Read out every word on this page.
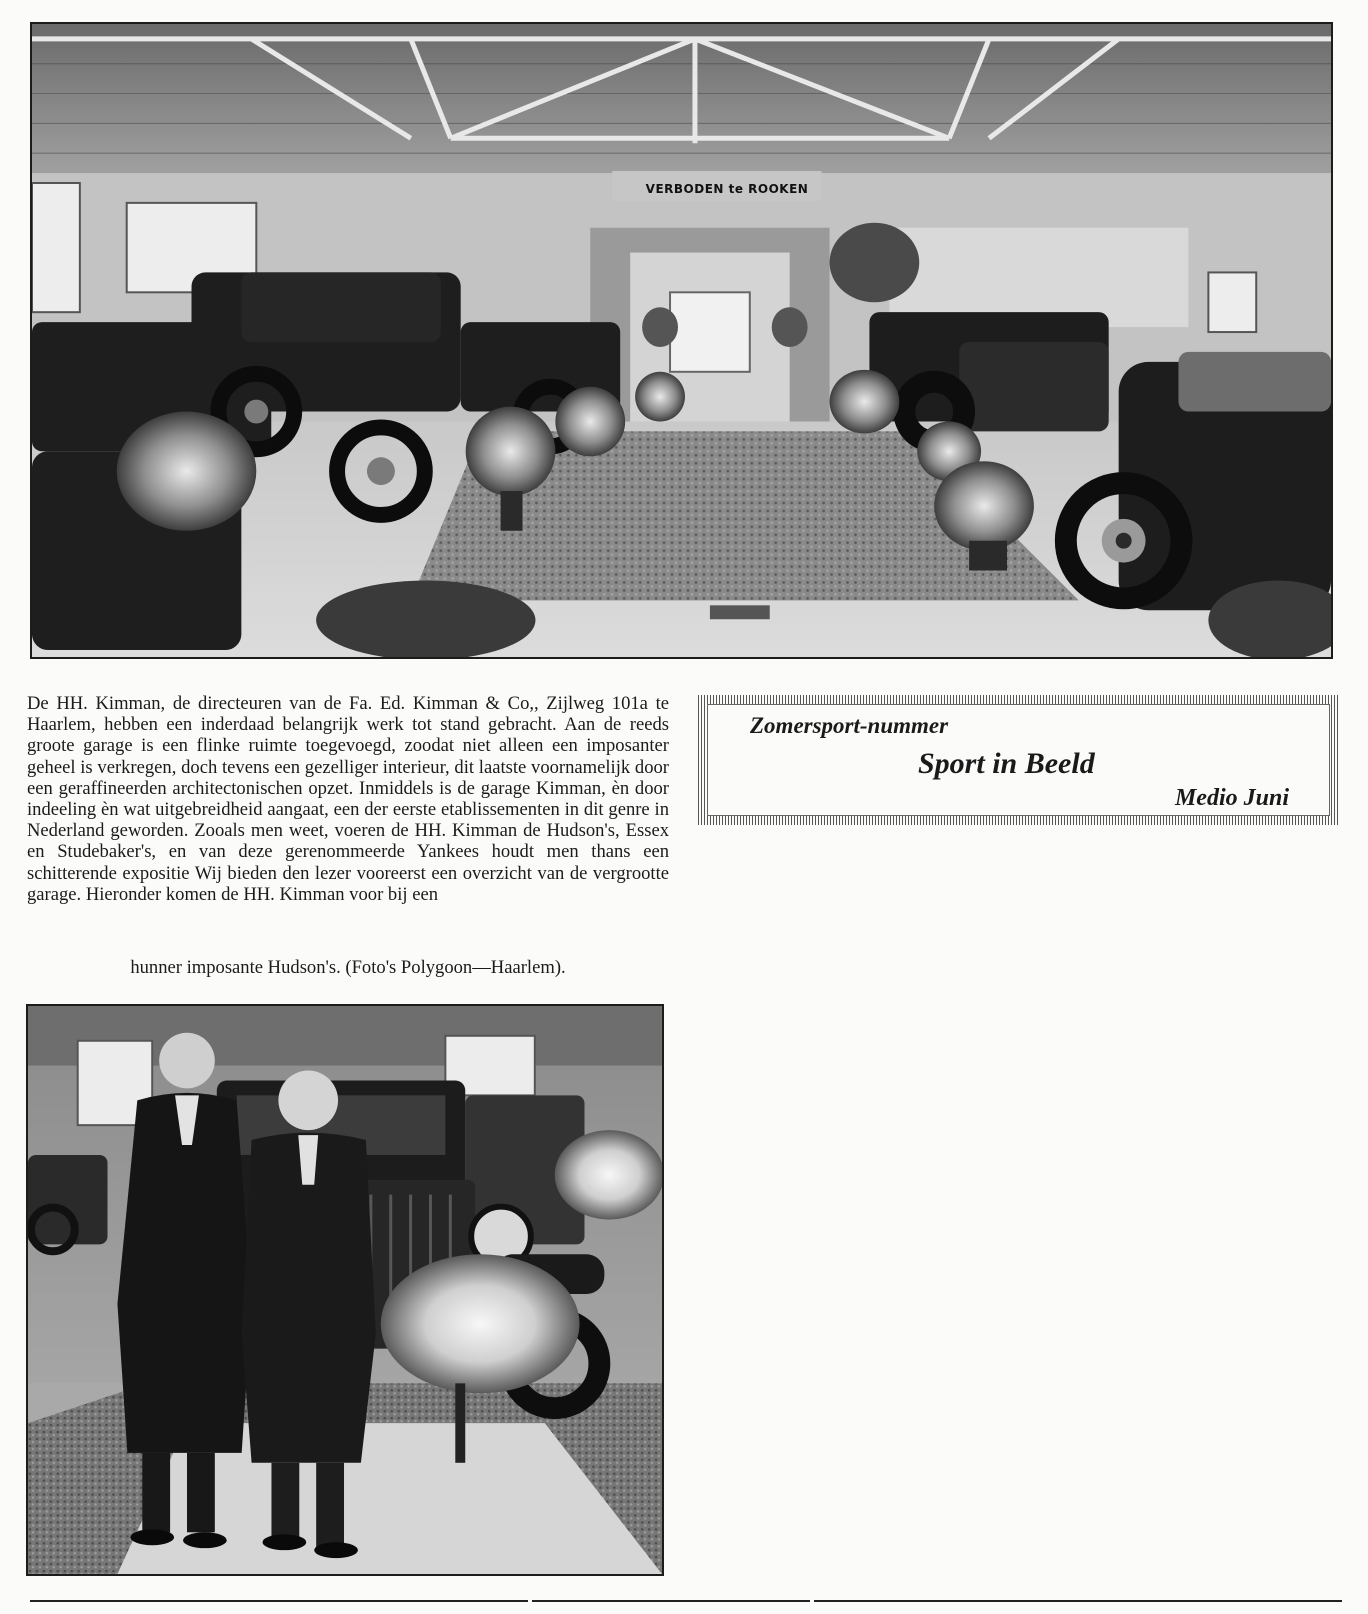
VERBODEN te ROOKEN

De HH. Kimman, de directeuren van de Fa. Ed. Kimman & Co,, Zijlweg 101a te Haarlem, hebben een inderdaad belangrijk werk tot stand gebracht. Aan de reeds groote garage is een flinke ruimte toegevoegd, zoodat niet alleen een imposanter geheel is verkregen, doch tevens een gezelliger interieur, dit laatste voornamelijk door een geraffineerden architectonischen opzet. Inmiddels is de garage Kimman, èn door indeeling èn wat uitgebreidheid aangaat, een der eerste etablissementen in dit genre in Nederland geworden. Zooals men weet, voeren de HH. Kimman de Hudson's, Essex en Studebaker's, en van deze gerenommeerde Yankees houdt men thans een schitterende expositie Wij bieden den lezer vooreerst een overzicht van de vergrootte garage. Hieronder komen de HH. Kimman voor bij een

hunner imposante Hudson's. (Foto's Polygoon—Haarlem).

Zomersport-nummer
Sport in Beeld
Medio Juni
